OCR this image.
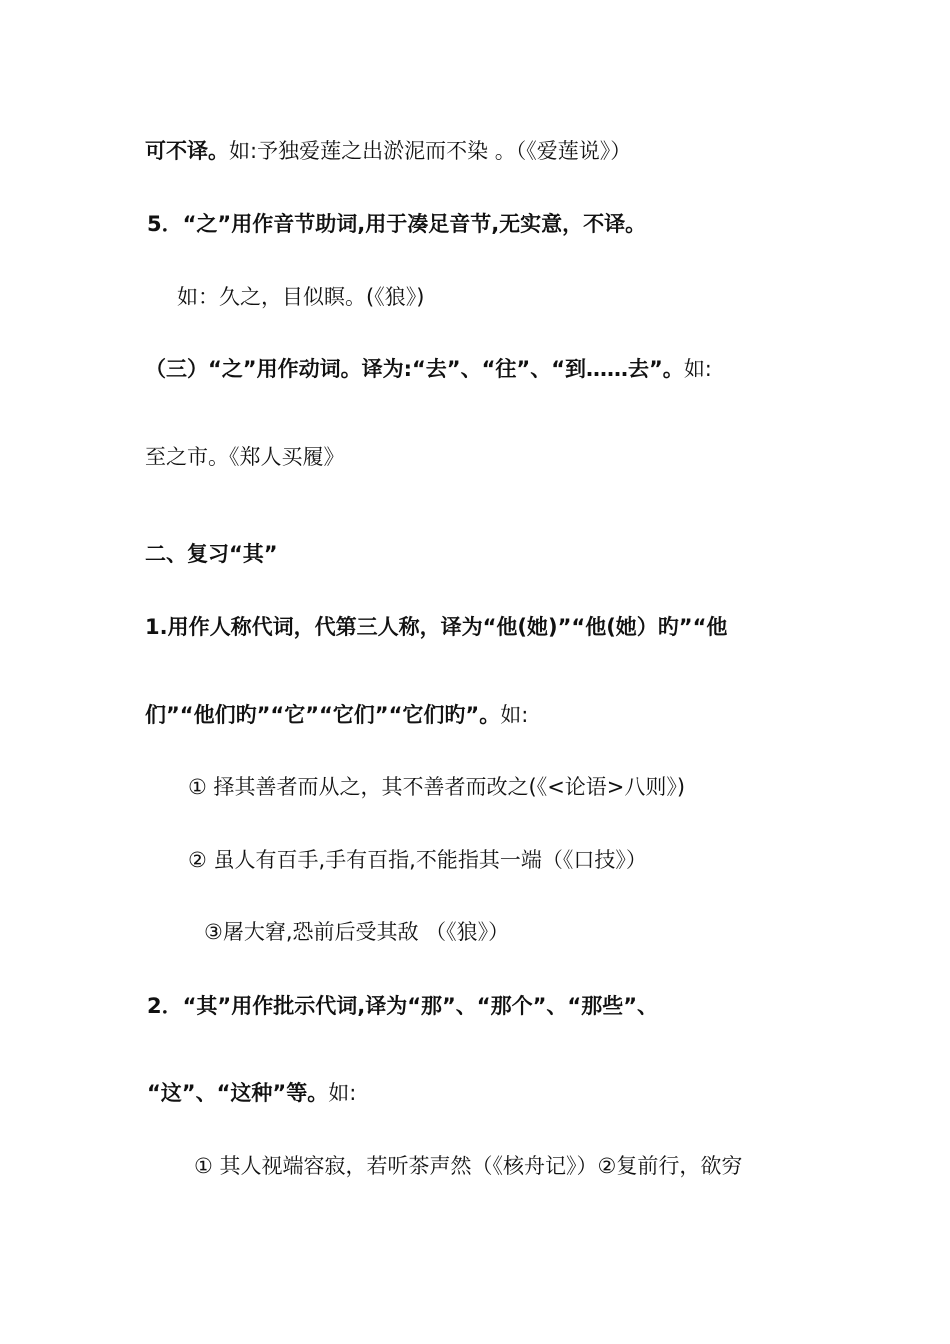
可不译。如:予独爱莲之出淤泥而不染 。（《爱莲说》）
5．“之”用作音节助词,用于凑足音节,无实意，不译。
如：久之，目似瞑。(《狼》)
（三）“之”用作动词。译为:“去”、“往”、“到……去”。如:
至之市。《郑人买履》
二、复习“其”
1.用作人称代词，代第三人称，译为“他(她)”“他(她）旳”“他
们”“他们旳”“它”“它们”“它们旳”。如:
① 择其善者而从之，其不善者而改之(《<论语>八则》)
② 虽人有百手,手有百指,不能指其一端（《口技》）
③屠大窘,恐前后受其敌 （《狼》）
2．“其”用作批示代词,译为“那”、“那个”、“那些”、
“这”、“这种”等。如:
① 其人视端容寂，若听茶声然（《核舟记》）②复前行，欲穷
